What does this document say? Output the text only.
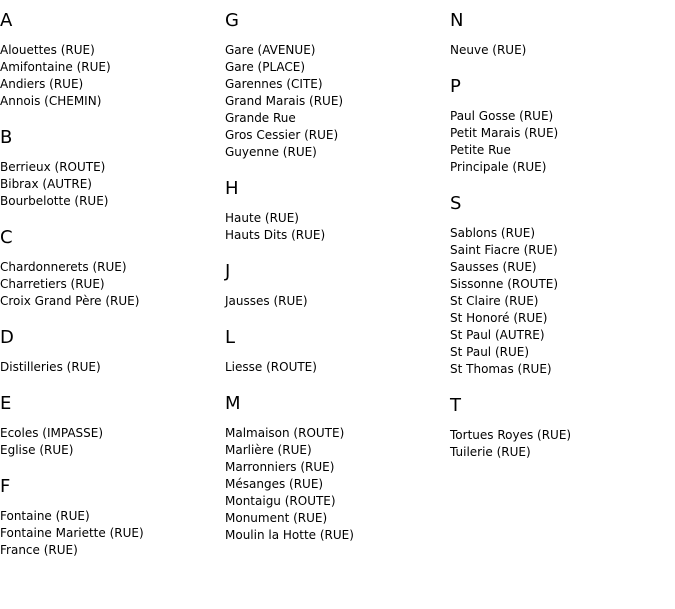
A
Alouettes (RUE)
Amifontaine (RUE)
Andiers (RUE)
Annois (CHEMIN)
B
Berrieux (ROUTE)
Bibrax (AUTRE)
Bourbelotte (RUE)
C
Chardonnerets (RUE)
Charretiers (RUE)
Croix Grand Père (RUE)
D
Distilleries (RUE)
E
Ecoles (IMPASSE)
Eglise (RUE)
F
Fontaine (RUE)
Fontaine Mariette (RUE)
France (RUE)
G
Gare (AVENUE)
Gare (PLACE)
Garennes (CITE)
Grand Marais (RUE)
Grande Rue
Gros Cessier (RUE)
Guyenne (RUE)
H
Haute (RUE)
Hauts Dits (RUE)
J
Jausses (RUE)
L
Liesse (ROUTE)
M
Malmaison (ROUTE)
Marlière (RUE)
Marronniers (RUE)
Mésanges (RUE)
Montaigu (ROUTE)
Monument (RUE)
Moulin la Hotte (RUE)
N
Neuve (RUE)
P
Paul Gosse (RUE)
Petit Marais (RUE)
Petite Rue
Principale (RUE)
S
Sablons (RUE)
Saint Fiacre (RUE)
Sausses (RUE)
Sissonne (ROUTE)
St Claire (RUE)
St Honoré (RUE)
St Paul (AUTRE)
St Paul (RUE)
St Thomas (RUE)
T
Tortues Royes (RUE)
Tuilerie (RUE)
